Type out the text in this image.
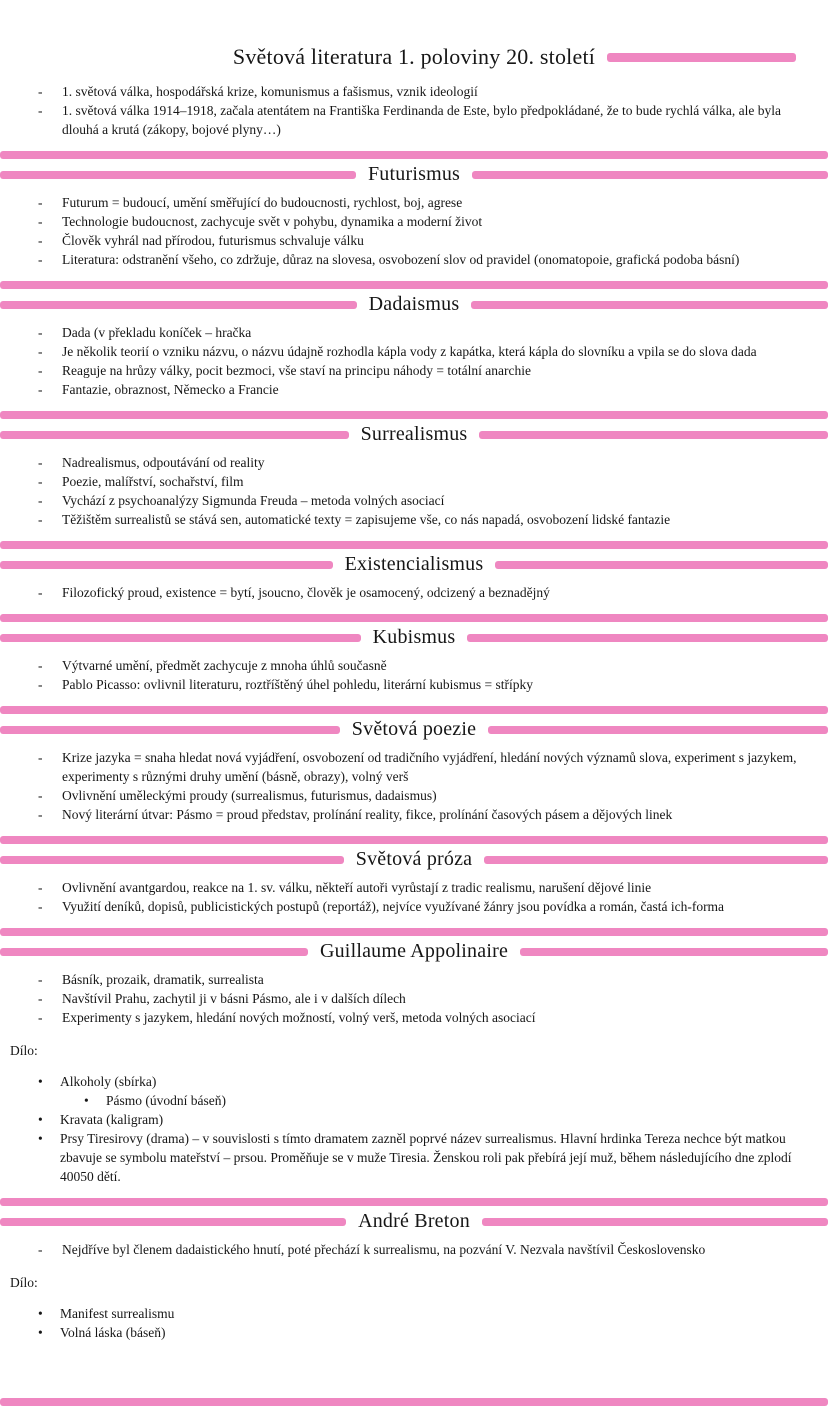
Světová literatura 1. poloviny 20. století
-	1. světová válka, hospodářská krize, komunismus a fašismus, vznik ideologií
-	1. světová válka 1914–1918, začala atentátem na Františka Ferdinanda de Este, bylo předpokládané, že to bude rychlá válka, ale byla dlouhá a krutá (zákopy, bojové plyny…)
Futurismus
-	Futurum = budoucí, umění směřující do budoucnosti, rychlost, boj, agrese
-	Technologie budoucnost, zachycuje svět v pohybu, dynamika a moderní život
-	Člověk vyhrál nad přírodou, futurismus schvaluje válku
-	Literatura: odstranění všeho, co zdržuje, důraz na slovesa, osvobození slov od pravidel (onomatopoie, grafická podoba básní)
Dadaismus
-	Dada (v překladu koníček – hračka
-	Je několik teorií o vzniku názvu, o názvu údajně rozhodla kápla vody z kapátka, která kápla do slovníku a vpila se do slova dada
-	Reaguje na hrůzy války, pocit bezmoci, vše staví na principu náhody = totální anarchie
-	Fantazie, obraznost, Německo a Francie
Surrealismus
-	Nadrealismus, odpoutávání od reality
-	Poezie, malířství, sochařství, film
-	Vychází z psychoanalýzy Sigmunda Freuda – metoda volných asociací
-	Těžištěm surrealistů se stává sen, automatické texty = zapisujeme vše, co nás napadá, osvobození lidské fantazie
Existencialismus
-	Filozofický proud, existence = bytí, jsoucno, člověk je osamocený, odcizený a beznadějný
Kubismus
-	Výtvarné umění, předmět zachycuje z mnoha úhlů současně
-	Pablo Picasso: ovlivnil literaturu, roztříštěný úhel pohledu, literární kubismus = střípky
Světová poezie
-	Krize jazyka = snaha hledat nová vyjádření, osvobození od tradičního vyjádření, hledání nových významů slova, experiment s jazykem, experimenty s různými druhy umění (básně, obrazy), volný verš
-	Ovlivnění uměleckými proudy (surrealismus, futurismus, dadaismus)
-	Nový literární útvar: Pásmo = proud představ, prolínání reality, fikce, prolínání časových pásem a dějových linek
Světová próza
-	Ovlivnění avantgardou, reakce na 1. sv. válku, někteří autoři vyrůstají z tradic realismu, narušení dějové linie
-	Využití deníků, dopisů, publicistických postupů (reportáž), nejvíce využívané žánry jsou povídka a román, častá ich-forma
Guillaume Appolinaire
-	Básník, prozaik, dramatik, surrealista
-	Navštívil Prahu, zachytil ji v básni Pásmo, ale i v dalších dílech
-	Experimenty s jazykem, hledání nových možností, volný verš, metoda volných asociací

Dílo:

•	Alkoholy (sbírka)
•	Pásmo (úvodní báseň)
•	Kravata (kaligram)
•	Prsy Tiresirovy (drama) – v souvislosti s tímto dramatem zazněl poprvé název surrealismus. Hlavní hrdinka Tereza nechce být matkou zbavuje se symbolu mateřství – prsou. Proměňuje se v muže Tiresia. Ženskou roli pak přebírá její muž, během následujícího dne zplodí 40050 dětí.
André Breton
-	Nejdříve byl členem dadaistického hnutí, poté přechází k surrealismu, na pozvání V. Nezvala navštívil Československo

Dílo:

•	Manifest surrealismu
•	Volná láska (báseň)
